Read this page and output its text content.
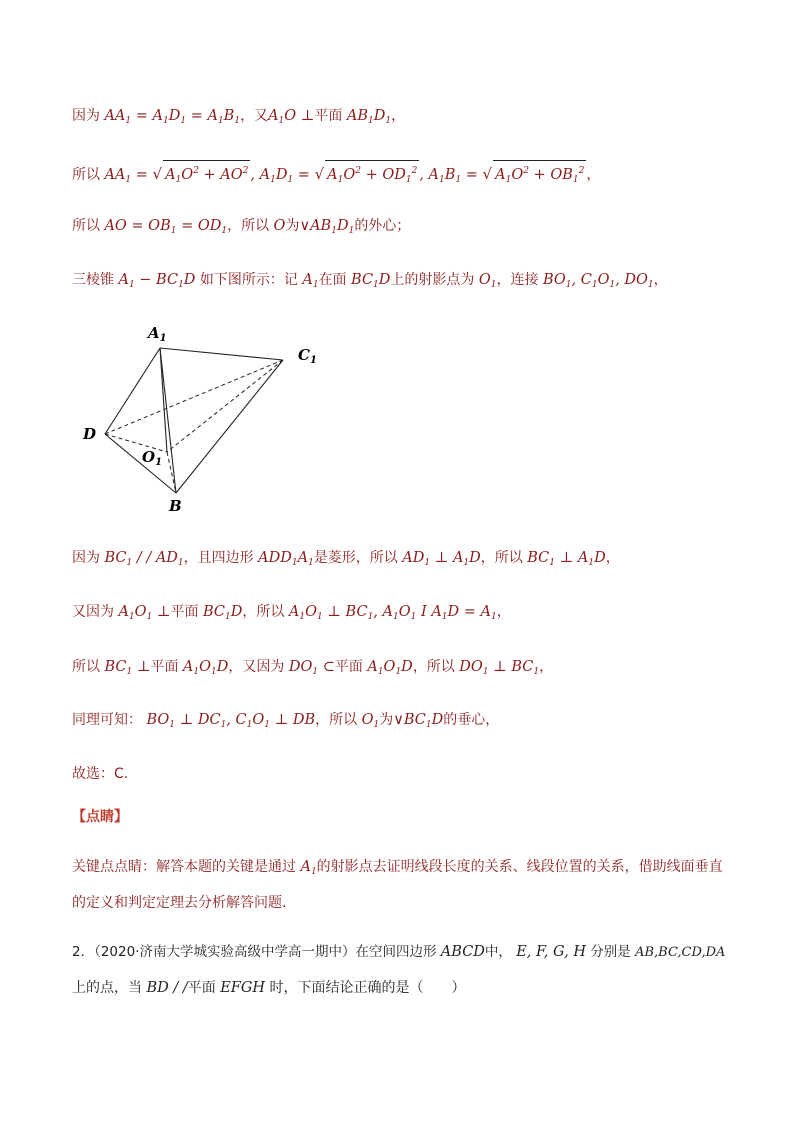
因为 $AA_1 = A_1D_1 = A_1B_1$，又$A_1O$ ⊥平面 $AB_1D_1$，
所以 $AA_1$ = √ $A_1O^2 + AO^2$ , $A_1D_1$ = √ $A_1O^2 + OD_1^2$ , $A_1B_1$ = √ $A_1O^2 + OB_1^2$ ，
所以 AO = $OB_1 = OD_1$，所以 O为$\vee AB_1D_1$的外心；
三棱锥 $A_1 - BC_1D$ 如下图所示：记 $A_1$在面 $BC_1D$上的射影点为 $O_1$，连接 $BO_1$, $C_1O_1$, $DO_1$，
$A_1$
$C_1$
D
$O_1$
B
因为 $BC_1$ / / $AD_1$，且四边形 $ADD_1A_1$是菱形，所以 $AD_1$ ⊥ $A_1D$，所以 $BC_1$ ⊥ $A_1D$，
又因为 $A_1O_1$ ⊥平面 $BC_1D$，所以 $A_1O_1$ ⊥ $BC_1$, $A_1O_1$ I $A_1D = A_1$，
所以 $BC_1$ ⊥平面 $A_1O_1D$，又因为 $DO_1$ ⊂平面 $A_1O_1D$，所以 $DO_1$ ⊥ $BC_1$，
同理可知： $BO_1$ ⊥ $DC_1$, $C_1O_1$ ⊥ DB，所以 $O_1$为$\vee BC_1D$的垂心，
故选：C.
【点睛】
关键点点睛：解答本题的关键是通过 $A_1$的射影点去证明线段长度的关系、线段位置的关系，借助线面垂直
的定义和判定定理去分析解答问题.
2．（2020·济南大学城实验高级中学高一期中）在空间四边形 ABCD中， E, F, G, H 分别是 AB,BC,CD,DA
上的点，当 BD / /平面 EFGH 时，下面结论正确的是（　　）
